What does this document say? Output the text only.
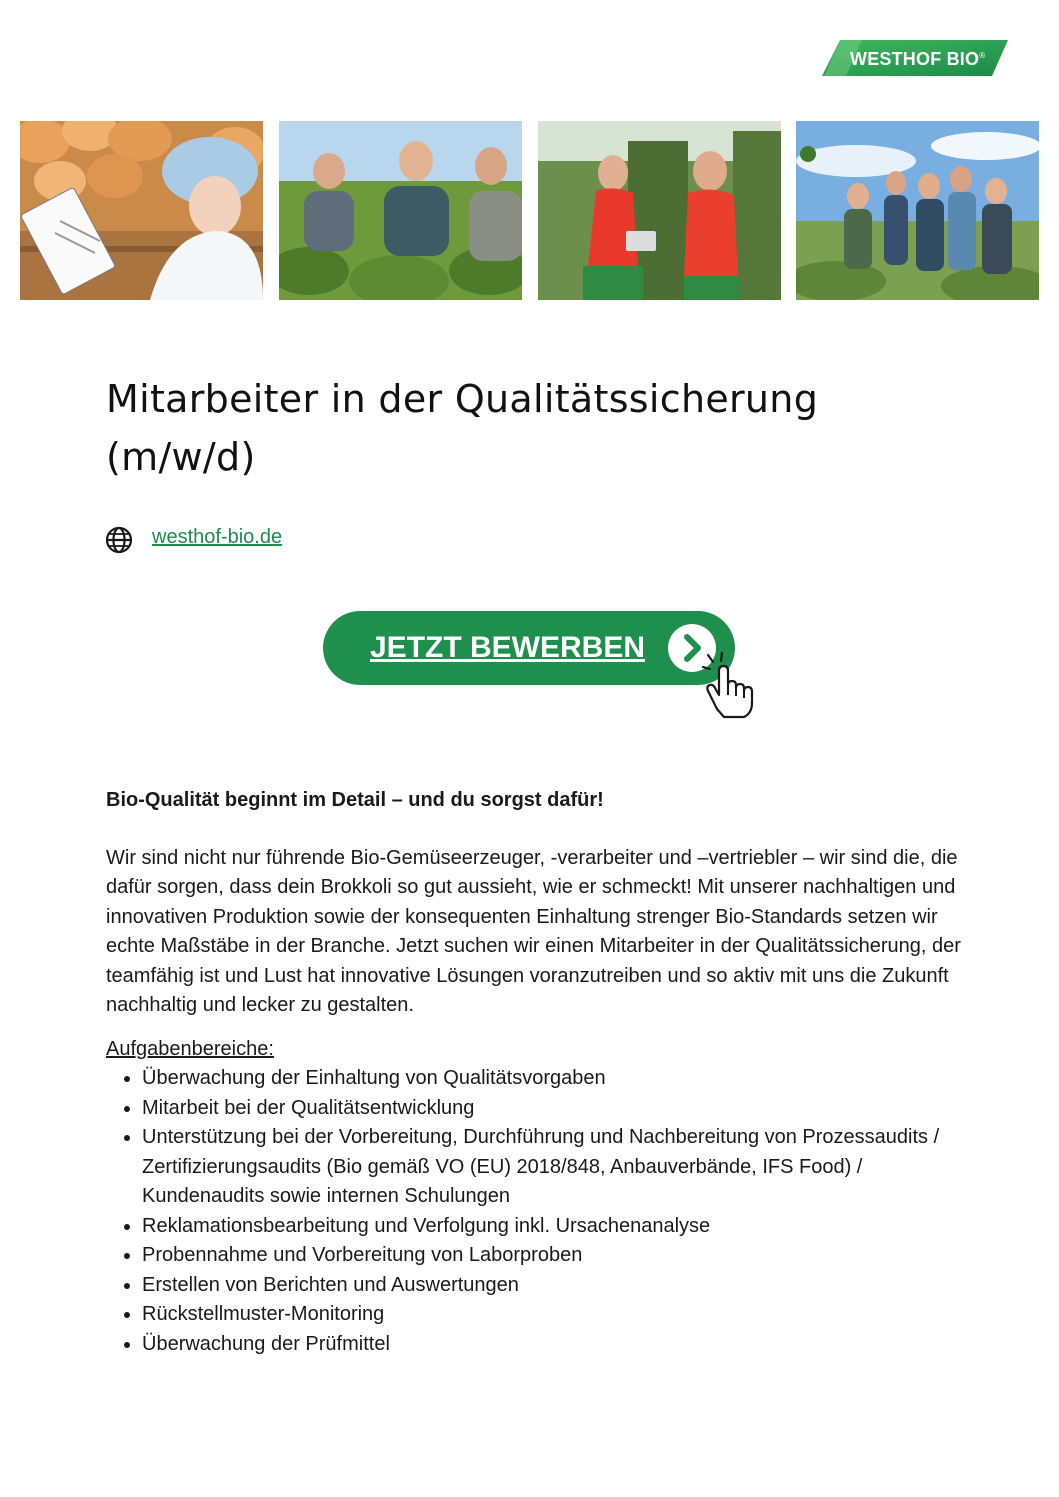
WESTHOF BIO®
Mitarbeiter in der Qualitätssicherung (m/w/d)
westhof-bio.de
JETZT BEWERBEN

Bio-Qualität beginnt im Detail – und du sorgst dafür!

Wir sind nicht nur führende Bio-Gemüseerzeuger, -verarbeiter und –vertriebler – wir sind die, die dafür sorgen, dass dein Brokkoli so gut aussieht, wie er schmeckt! Mit unserer nachhaltigen und innovativen Produktion sowie der konsequenten Einhaltung strenger Bio-Standards setzen wir echte Maßstäbe in der Branche. Jetzt suchen wir einen Mitarbeiter in der Qualitätssicherung, der teamfähig ist und Lust hat innovative Lösungen voranzutreiben und so aktiv mit uns die Zukunft nachhaltig und lecker zu gestalten.

Aufgabenbereiche:

• Überwachung der Einhaltung von Qualitätsvorgaben
• Mitarbeit bei der Qualitätsentwicklung
• Unterstützung bei der Vorbereitung, Durchführung und Nachbereitung von Prozessaudits / Zertifizierungsaudits (Bio gemäß VO (EU) 2018/848, Anbauverbände, IFS Food) / Kundenaudits sowie internen Schulungen
• Reklamationsbearbeitung und Verfolgung inkl. Ursachenanalyse
• Probennahme und Vorbereitung von Laborproben
• Erstellen von Berichten und Auswertungen
• Rückstellmuster-Monitoring
• Überwachung der Prüfmittel
